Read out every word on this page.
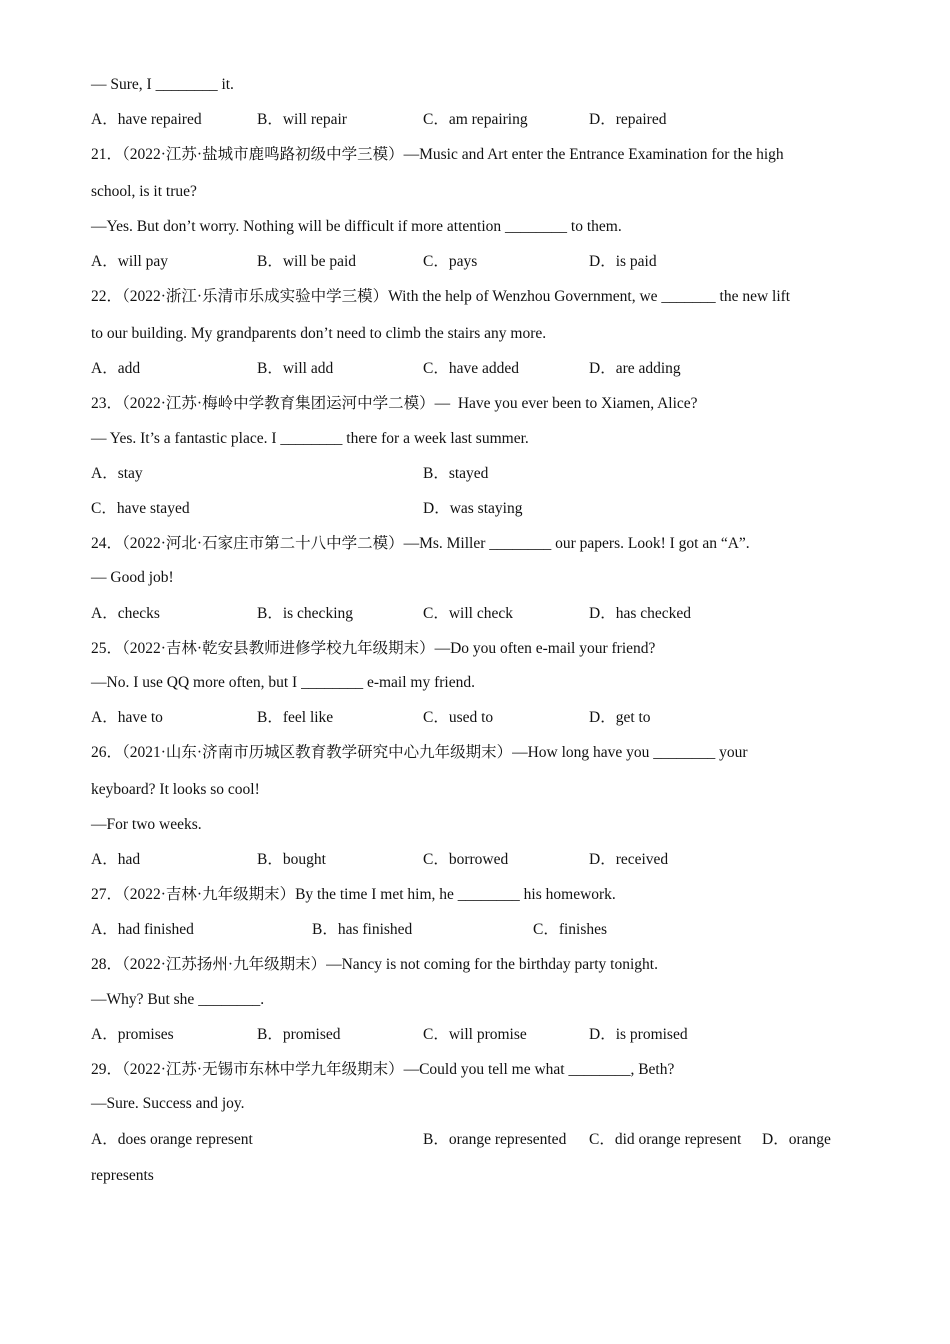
— Sure, I ________ it.
A．have repaired	B．will repair	C．am repairing	D．repaired
21．（2022·江苏·盐城市鹿鸣路初级中学三模）—Music and Art enter the Entrance Examination for the high
school, is it true?
—Yes. But don’t worry. Nothing will be difficult if more attention ________ to them.
A．will pay	B．will be paid	C．pays	D．is paid
22．（2022·浙江·乐清市乐成实验中学三模）With the help of Wenzhou Government, we _______ the new lift
to our building. My grandparents don’t need to climb the stairs any more.
A．add	B．will add	C．have added	D．are adding
23．（2022·江苏·梅岭中学教育集团运河中学二模）—  Have you ever been to Xiamen, Alice?
— Yes. It’s a fantastic place. I ________ there for a week last summer.
A．stay	B．stayed
C．have stayed	D．was staying
24．（2022·河北·石家庄市第二十八中学二模）—Ms. Miller ________ our papers. Look! I got an “A”.
— Good job!
A．checks	B．is checking	C．will check	D．has checked
25．（2022·吉林·乾安县教师进修学校九年级期末）—Do you often e-mail your friend?
—No. I use QQ more often, but I ________ e-mail my friend.
A．have to	B．feel like	C．used to	D．get to
26．（2021·山东·济南市历城区教育教学研究中心九年级期末）—How long have you ________ your
keyboard? It looks so cool!
—For two weeks.
A．had	B．bought	C．borrowed	D．received
27．（2022·吉林·九年级期末）By the time I met him, he ________ his homework.
A．had finished	B．has finished	C．finishes
28．（2022·江苏扬州·九年级期末）—Nancy is not coming for the birthday party tonight.
—Why? But she ________.
A．promises	B．promised	C．will promise	D．is promised
29．（2022·江苏·无锡市东林中学九年级期末）—Could you tell me what ________, Beth?
—Sure. Success and joy.
A．does orange represent	B．orange represented C．did orange represent D．orange
represents
